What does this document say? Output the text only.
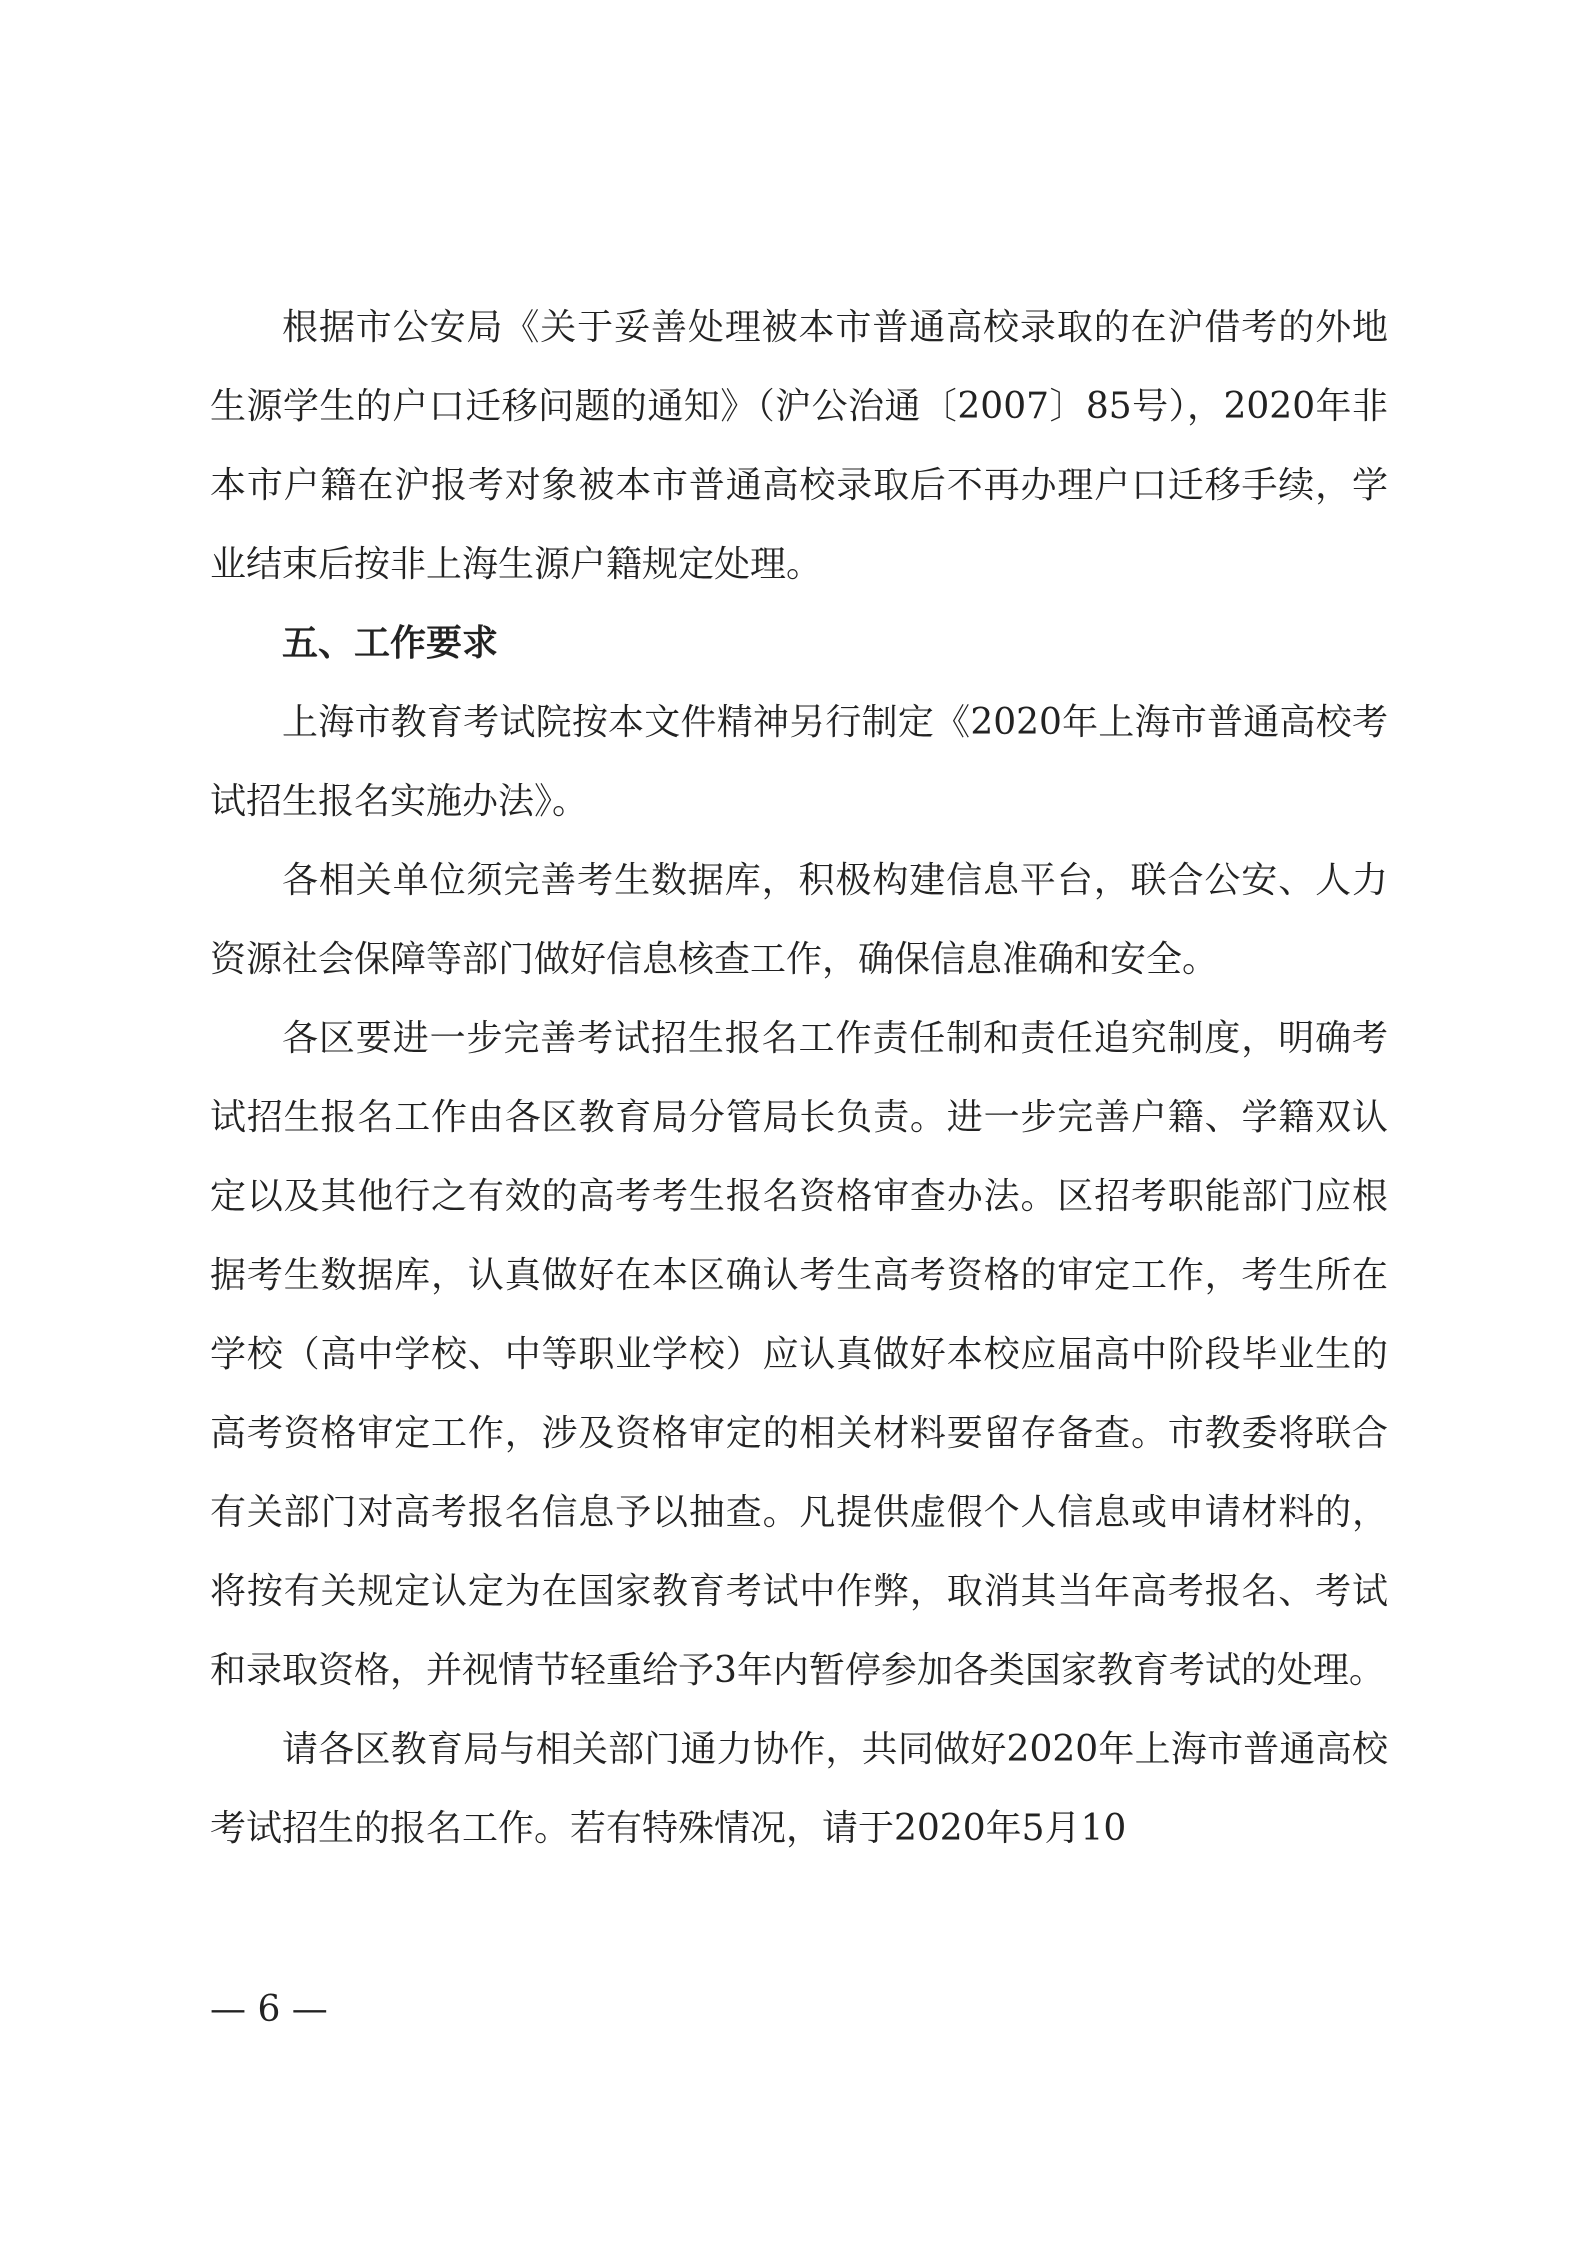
根据市公安局《关于妥善处理被本市普通高校录取的在沪借考的外地生源学生的户口迁移问题的通知》（沪公治通〔2007〕85号），2020年非本市户籍在沪报考对象被本市普通高校录取后不再办理户口迁移手续，学业结束后按非上海生源户籍规定处理。

五、工作要求

上海市教育考试院按本文件精神另行制定《2020年上海市普通高校考试招生报名实施办法》。

各相关单位须完善考生数据库，积极构建信息平台，联合公安、人力资源社会保障等部门做好信息核查工作，确保信息准确和安全。

各区要进一步完善考试招生报名工作责任制和责任追究制度，明确考试招生报名工作由各区教育局分管局长负责。进一步完善户籍、学籍双认定以及其他行之有效的高考考生报名资格审查办法。区招考职能部门应根据考生数据库，认真做好在本区确认考生高考资格的审定工作，考生所在学校（高中学校、中等职业学校）应认真做好本校应届高中阶段毕业生的高考资格审定工作，涉及资格审定的相关材料要留存备查。市教委将联合有关部门对高考报名信息予以抽查。凡提供虚假个人信息或申请材料的，将按有关规定认定为在国家教育考试中作弊，取消其当年高考报名、考试和录取资格，并视情节轻重给予3年内暂停参加各类国家教育考试的处理。

请各区教育局与相关部门通力协作，共同做好2020年上海市普通高校考试招生的报名工作。若有特殊情况，请于2020年5月10

— 6 —
